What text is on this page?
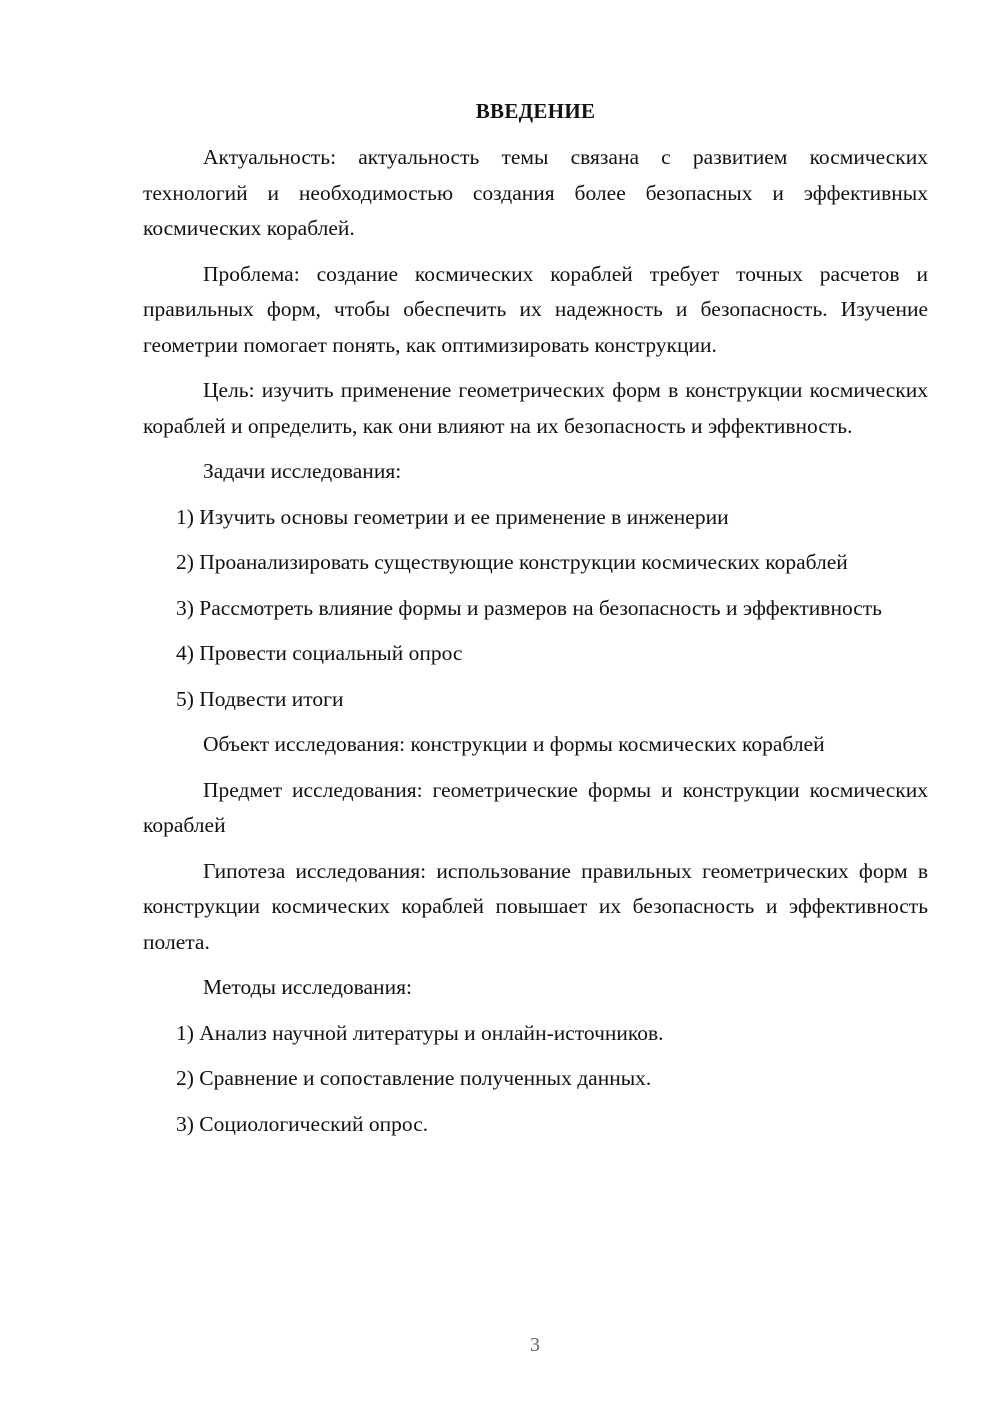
ВВЕДЕНИЕ

Актуальность: актуальность темы связана с развитием космических технологий и необходимостью создания более безопасных и эффективных космических кораблей.

Проблема: создание космических кораблей требует точных расчетов и правильных форм, чтобы обеспечить их надежность и безопасность. Изучение геометрии помогает понять, как оптимизировать конструкции.

Цель: изучить применение геометрических форм в конструкции космических кораблей и определить, как они влияют на их безопасность и эффективность.

Задачи исследования:

1) Изучить основы геометрии и ее применение в инженерии

2) Проанализировать существующие конструкции космических кораблей

3) Рассмотреть влияние формы и размеров на безопасность и эффективность

4) Провести социальный опрос

5) Подвести итоги

Объект исследования: конструкции и формы космических кораблей

Предмет исследования: геометрические формы и конструкции космических кораблей

Гипотеза исследования: использование правильных геометрических форм в конструкции космических кораблей повышает их безопасность и эффективность полета.

Методы исследования:

1) Анализ научной литературы и онлайн-источников.

2) Сравнение и сопоставление полученных данных.

3) Социологический опрос.

3
